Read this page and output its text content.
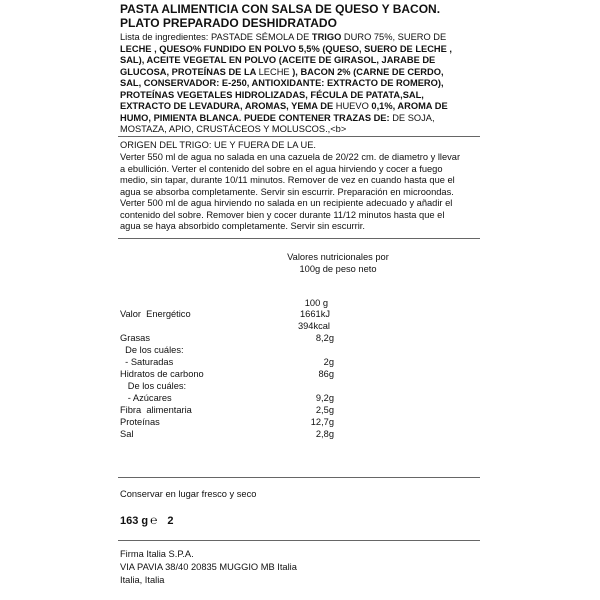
PASTA ALIMENTICIA CON SALSA DE QUESO Y BACON.
PLATO PREPARADO DESHIDRATADO
Lista de ingredientes: PASTADE SÉMOLA DE TRIGO DURO 75%, SUERO DE
LECHE , QUESO% FUNDIDO EN POLVO 5,5% (QUESO, SUERO DE LECHE ,
SAL), ACEITE VEGETAL EN POLVO (ACEITE DE GIRASOL, JARABE DE
GLUCOSA, PROTEÍNAS DE LA LECHE ), BACON 2% (CARNE DE CERDO,
SAL, CONSERVADOR: E-250, ANTIOXIDANTE: EXTRACTO DE ROMERO),
PROTEÍNAS VEGETALES HIDROLIZADAS, FÉCULA DE PATATA,SAL,
EXTRACTO DE LEVADURA, AROMAS, YEMA DE HUEVO 0,1%, AROMA DE
HUMO, PIMIENTA BLANCA. PUEDE CONTENER TRAZAS DE: DE SOJA,
MOSTAZA, APIO, CRUSTÁCEOS Y MOLUSCOS.,<b>
ORIGEN DEL TRIGO: UE Y FUERA DE LA UE.
Verter 550 ml de agua no salada en una cazuela de 20/22 cm. de diametro y llevar
a ebullición. Verter el contenido del sobre en el agua hirviendo y cocer a fuego
medio, sin tapar, durante 10/11 minutos. Remover de vez en cuando hasta que el
agua se absorba completamente. Servir sin escurrir. Preparación en microondas.
Verter 500 ml de agua hirviendo no salada en un recipiente adecuado y añadir el
contenido del sobre. Remover bien y cocer durante 11/12 minutos hasta que el
agua se haya absorbido completamente. Servir sin escurrir.
Valores nutricionales por
100g de peso neto
100 g
Valor  Energético	1661kJ
394kcal
Grasas	8,2g
De los cuáles:
- Saturadas	2g
Hidratos de carbono	86g
De los cuáles:
- Azúcares	9,2g
Fibra  alimentaria	2,5g
Proteínas	12,7g
Sal	2,8g
Conservar en lugar fresco y seco
163 g ℮ 2
Firma Italia S.P.A.
VIA PAVIA 38/40 20835 MUGGIO MB Italia
Italia, Italia
